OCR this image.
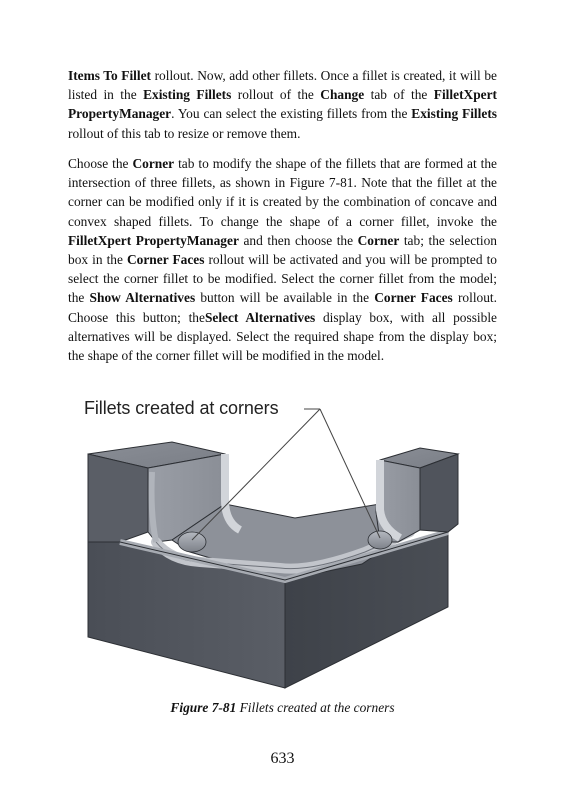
Items To Fillet rollout. Now, add other fillets. Once a fillet is created, it will be listed in the Existing Fillets rollout of the Change tab of the FilletXpert PropertyManager. You can select the existing fillets from the Existing Fillets rollout of this tab to resize or remove them.

Choose the Corner tab to modify the shape of the fillets that are formed at the intersection of three fillets, as shown in Figure 7-81. Note that the fillet at the corner can be modified only if it is created by the combination of concave and convex shaped fillets. To change the shape of a corner fillet, invoke the FilletXpert PropertyManager and then choose the Corner tab; the selection box in the Corner Faces rollout will be activated and you will be prompted to select the corner fillet to be modified. Select the corner fillet from the model; the Show Alternatives button will be available in the Corner Faces rollout. Choose this button; theSelect Alternatives display box, with all possible alternatives will be displayed. Select the required shape from the display box; the shape of the corner fillet will be modified in the model.

Fillets created at corners
Figure 7-81 Fillets created at the corners
633
